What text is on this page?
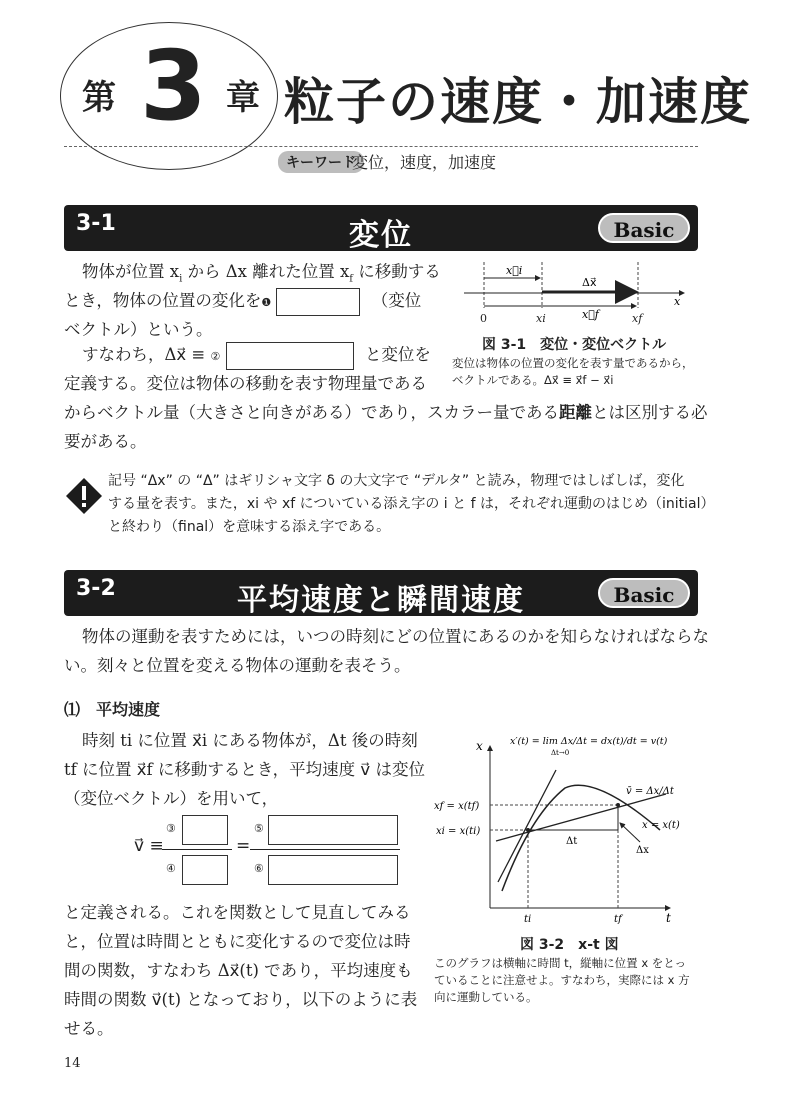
第 3 章 粒子の速度・加速度
キーワード
変位，速度，加速度
3-1	変位	Basic
物体が位置 $x_i$ から Δx 離れた位置 $x_f$ に移動する
とき，物体の位置の変化を❶	（変位
ベクトル）という。
すなわち，Δx⃗ ≡ ②	と変位を
定義する。変位は物体の移動を表す物理量である
からベクトル量（大きさと向きがある）であり，スカラー量である距離とは区別する必
要がある。
x⃗i
Δx⃗
x⃗f
x
0	xi	xf
図 3-1　変位・変位ベクトル
変位は物体の位置の変化を表す量であるから，
ベクトルである。Δx⃗ ≡ x⃗f − x⃗i
記号 “Δx” の “Δ” はギリシャ文字 δ の大文字で “デルタ” と読み，物理ではしばしば，変化
する量を表す。また，xi や xf についている添え字の i と f は，それぞれ運動のはじめ（initial）
と終わり（final）を意味する添え字である。
3-2	平均速度と瞬間速度	Basic
物体の運動を表すためには，いつの時刻にどの位置にあるのかを知らなければならな
い。刻々と位置を変える物体の運動を表そう。
⑴　平均速度
時刻 ti に位置 x⃗i にある物体が，Δt 後の時刻
tf に位置 x⃗f に移動するとき，平均速度 v⃗ は変位
（変位ベクトル）を用いて，
v⃗ ≡
③
④
=
⑤
⑥
と定義される。これを関数として見直してみる
と，位置は時間とともに変化するので変位は時
間の関数，すなわち Δx⃗(t) であり，平均速度も
時間の関数 v⃗(t) となっており，以下のように表
せる。
x
t
ti	tf
xf = x(tf)
xi = x(ti)
x = x(t)
Δt
Δx
x′(t) = lim Δx/Δt = dx(t)/dt = v(t)
Δt→0
v̄ = Δx/Δt
図 3-2　x-t 図
このグラフは横軸に時間 t，縦軸に位置 x をとっ
ていることに注意せよ。すなわち，実際には x 方
向に運動している。
14
